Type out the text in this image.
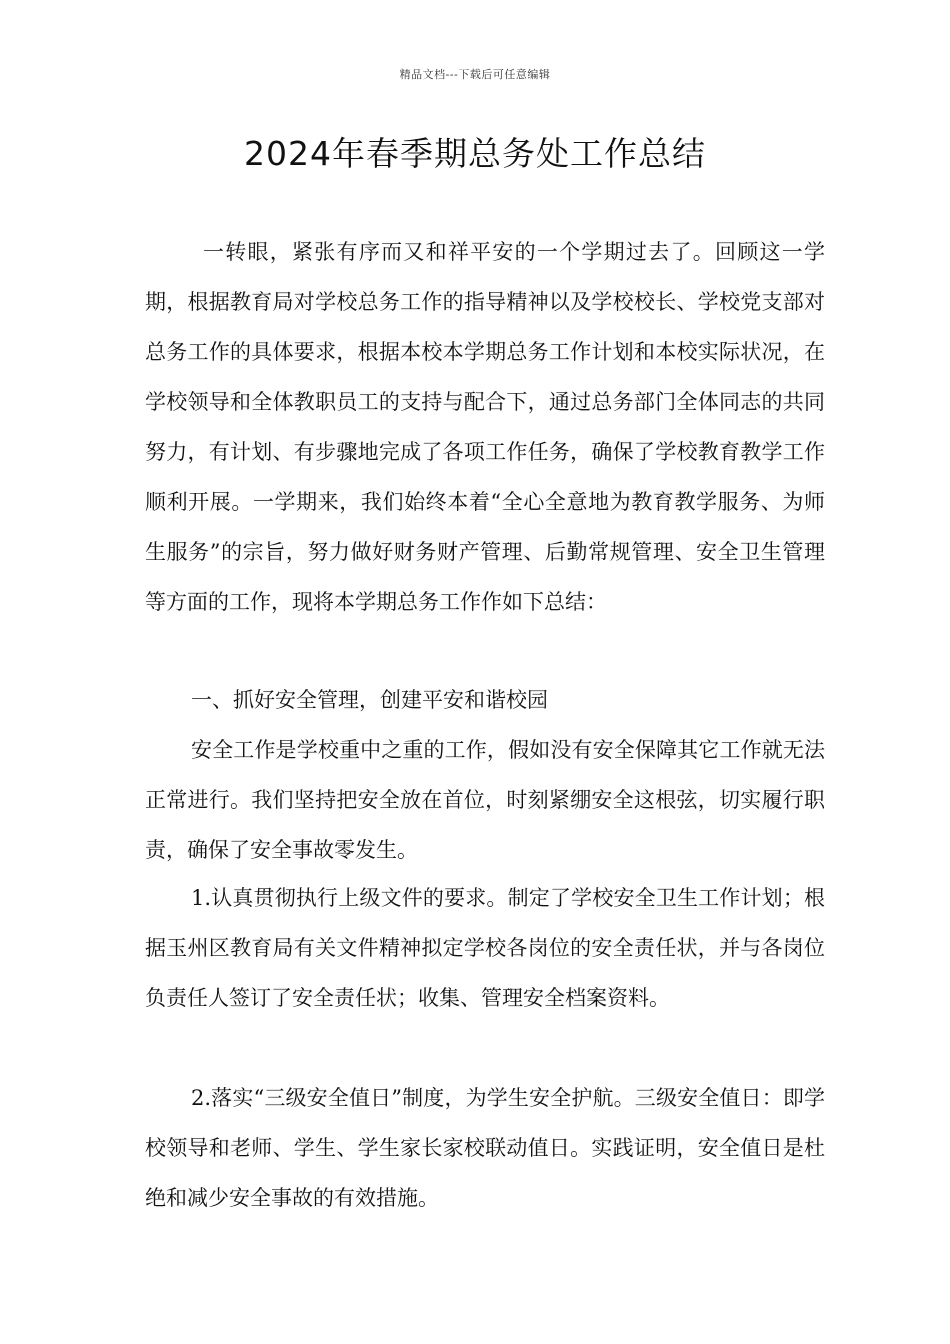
精品文档---下载后可任意编辑
2024年春季期总务处工作总结

一转眼，紧张有序而又和祥平安的一个学期过去了。回顾这一学期，根据教育局对学校总务工作的指导精神以及学校校长、学校党支部对总务工作的具体要求，根据本校本学期总务工作计划和本校实际状况，在学校领导和全体教职员工的支持与配合下，通过总务部门全体同志的共同努力，有计划、有步骤地完成了各项工作任务，确保了学校教育教学工作顺利开展。一学期来，我们始终本着“全心全意地为教育教学服务、为师生服务”的宗旨，努力做好财务财产管理、后勤常规管理、安全卫生管理等方面的工作，现将本学期总务工作作如下总结：

一、抓好安全管理，创建平安和谐校园

安全工作是学校重中之重的工作，假如没有安全保障其它工作就无法正常进行。我们坚持把安全放在首位，时刻紧绷安全这根弦，切实履行职责，确保了安全事故零发生。

1.认真贯彻执行上级文件的要求。制定了学校安全卫生工作计划；根据玉州区教育局有关文件精神拟定学校各岗位的安全责任状，并与各岗位负责任人签订了安全责任状；收集、管理安全档案资料。

2.落实“三级安全值日”制度，为学生安全护航。三级安全值日：即学校领导和老师、学生、学生家长家校联动值日。实践证明，安全值日是杜绝和减少安全事故的有效措施。
